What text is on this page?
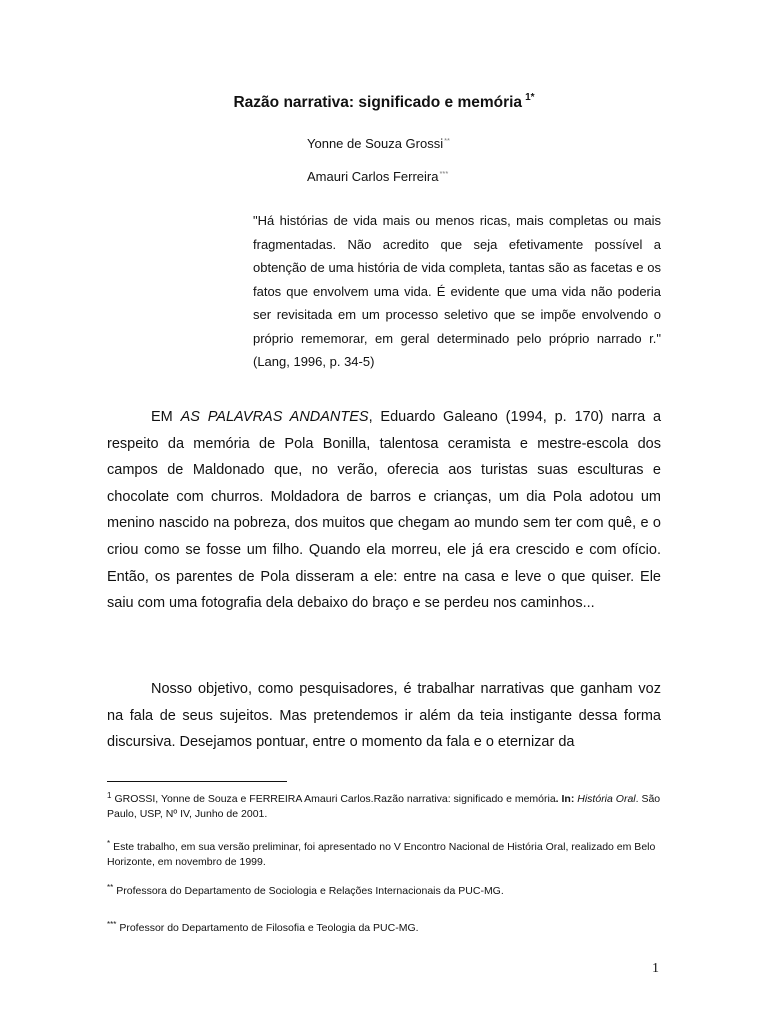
Razão narrativa: significado e memória $^{1*}$
Yonne de Souza Grossi**
Amauri Carlos Ferreira***

"Há histórias de vida mais ou menos ricas, mais completas ou mais fragmentadas. Não acredito que seja efetivamente possível a obtenção de uma história de vida completa, tantas são as facetas e os fatos que envolvem uma vida. É evidente que uma vida não poderia ser revisitada em um processo seletivo que se impõe envolvendo o próprio rememorar, em geral determinado pelo próprio narrado r." (Lang, 1996, p. 34-5)

EM AS PALAVRAS ANDANTES, Eduardo Galeano (1994, p. 170) narra a respeito da memória de Pola Bonilla, talentosa ceramista e mestre-escola dos campos de Maldonado que, no verão, oferecia aos turistas suas esculturas e chocolate com churros. Moldadora de barros e crianças, um dia Pola adotou um menino nascido na pobreza, dos muitos que chegam ao mundo sem ter com quê, e o criou como se fosse um filho. Quando ela morreu, ele já era crescido e com ofício. Então, os parentes de Pola disseram a ele: entre na casa e leve o que quiser. Ele saiu com uma fotografia dela debaixo do braço e se perdeu nos caminhos...

Nosso objetivo, como pesquisadores, é trabalhar narrativas que ganham voz na fala de seus sujeitos. Mas pretendemos ir além da teia instigante dessa forma discursiva. Desejamos pontuar, entre o momento da fala e o eternizar da

$^1$ GROSSI, Yonne de Souza e FERREIRA Amauri Carlos.Razão narrativa: significado e memória. In: História Oral. São Paulo, USP, Nº IV, Junho de 2001.
* Este trabalho, em sua versão preliminar, foi apresentado no V Encontro Nacional de História Oral, realizado em Belo Horizonte, em novembro de 1999.
** Professora do Departamento de Sociologia e Relações Internacionais da PUC-MG.
*** Professor do Departamento de Filosofia e Teologia da PUC-MG.
1
